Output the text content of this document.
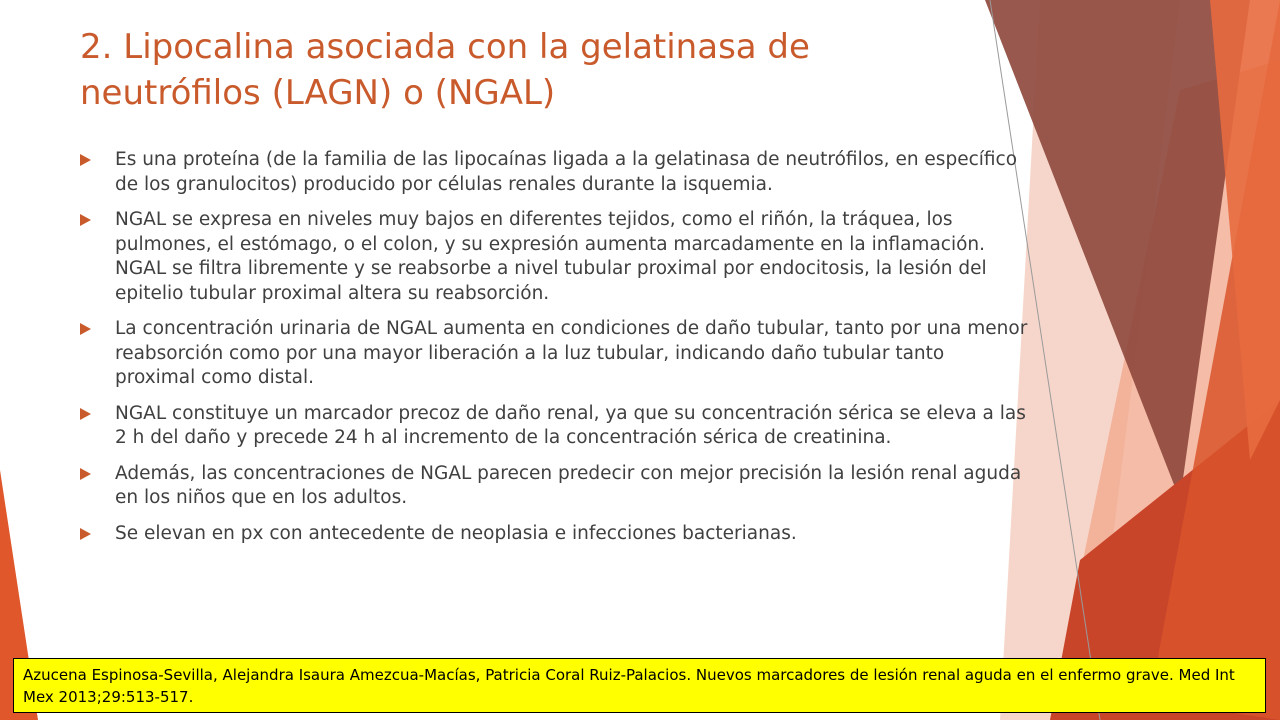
2. Lipocalina asociada con la gelatinasa de neutrófilos (LAGN) o (NGAL)
Es una proteína (de la familia de las lipocaínas ligada a la gelatinasa de neutrófilos, en específico de los granulocitos) producido por células renales durante la isquemia.
NGAL se expresa en niveles muy bajos en diferentes tejidos, como el riñón, la tráquea, los pulmones, el estómago, o el colon, y su expresión aumenta marcadamente en la inflamación. NGAL se filtra libremente y se reabsorbe a nivel tubular proximal por endocitosis, la lesión del epitelio tubular proximal altera su reabsorción.
La concentración urinaria de NGAL aumenta en condiciones de daño tubular, tanto por una menor reabsorción como por una mayor liberación a la luz tubular, indicando daño tubular tanto proximal como distal.
NGAL constituye un marcador precoz de daño renal, ya que su concentración sérica se eleva a las 2 h del daño y precede 24 h al incremento de la concentración sérica de creatinina.
Además, las concentraciones de NGAL parecen predecir con mejor precisión la lesión renal aguda en los niños que en los adultos.
Se elevan en px con antecedente de neoplasia e infecciones bacterianas.
Azucena Espinosa-Sevilla, Alejandra Isaura Amezcua-Macías, Patricia Coral Ruiz-Palacios. Nuevos marcadores de lesión renal aguda en el enfermo grave. Med Int Mex 2013;29:513-517.
